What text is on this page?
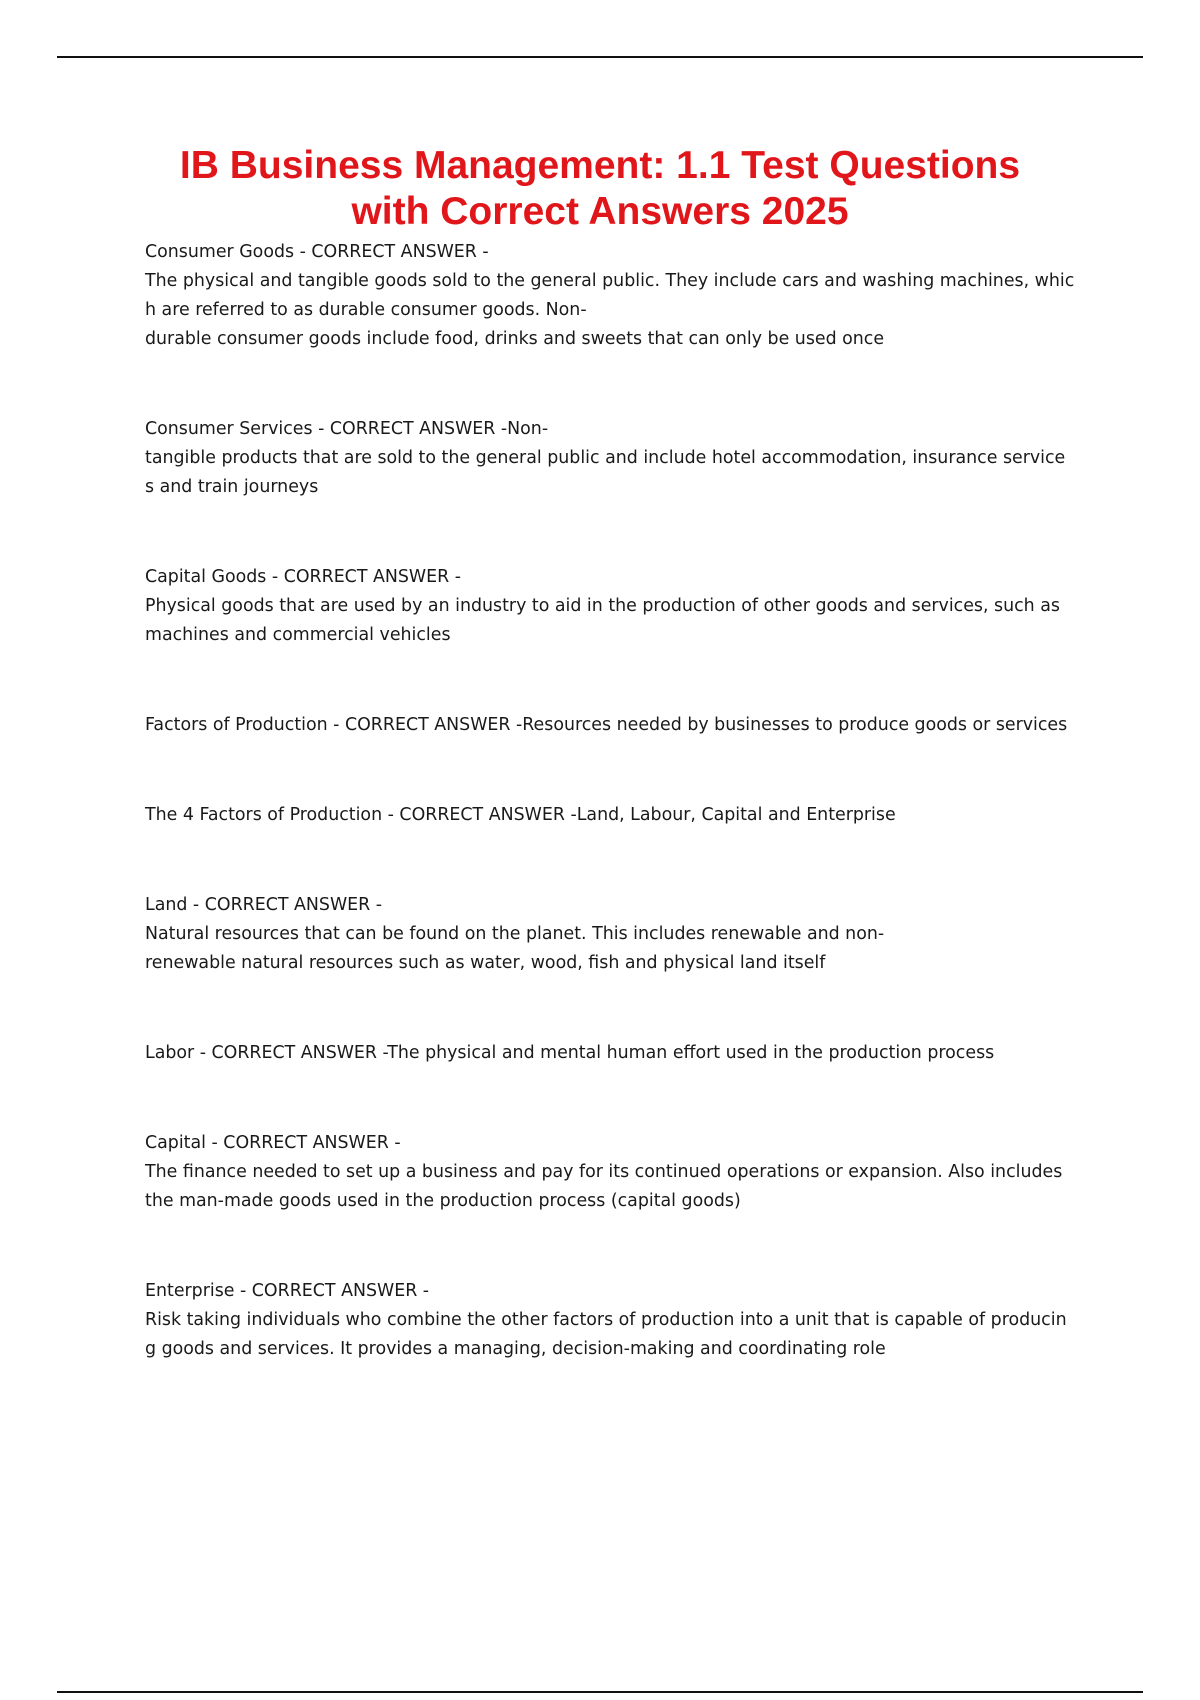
IB Business Management: 1.1 Test Questions
with Correct Answers 2025
Consumer Goods - CORRECT ANSWER -
The physical and tangible goods sold to the general public. They include cars and washing machines, whic
h are referred to as durable consumer goods. Non-
durable consumer goods include food, drinks and sweets that can only be used once
Consumer Services - CORRECT ANSWER -Non-
tangible products that are sold to the general public and include hotel accommodation, insurance service
s and train journeys
Capital Goods - CORRECT ANSWER -
Physical goods that are used by an industry to aid in the production of other goods and services, such as
machines and commercial vehicles
Factors of Production - CORRECT ANSWER -Resources needed by businesses to produce goods or services
The 4 Factors of Production - CORRECT ANSWER -Land, Labour, Capital and Enterprise
Land - CORRECT ANSWER -
Natural resources that can be found on the planet. This includes renewable and non-
renewable natural resources such as water, wood, fish and physical land itself
Labor - CORRECT ANSWER -The physical and mental human effort used in the production process
Capital - CORRECT ANSWER -
The finance needed to set up a business and pay for its continued operations or expansion. Also includes
the man-made goods used in the production process (capital goods)
Enterprise - CORRECT ANSWER -
Risk taking individuals who combine the other factors of production into a unit that is capable of producin
g goods and services. It provides a managing, decision-making and coordinating role
